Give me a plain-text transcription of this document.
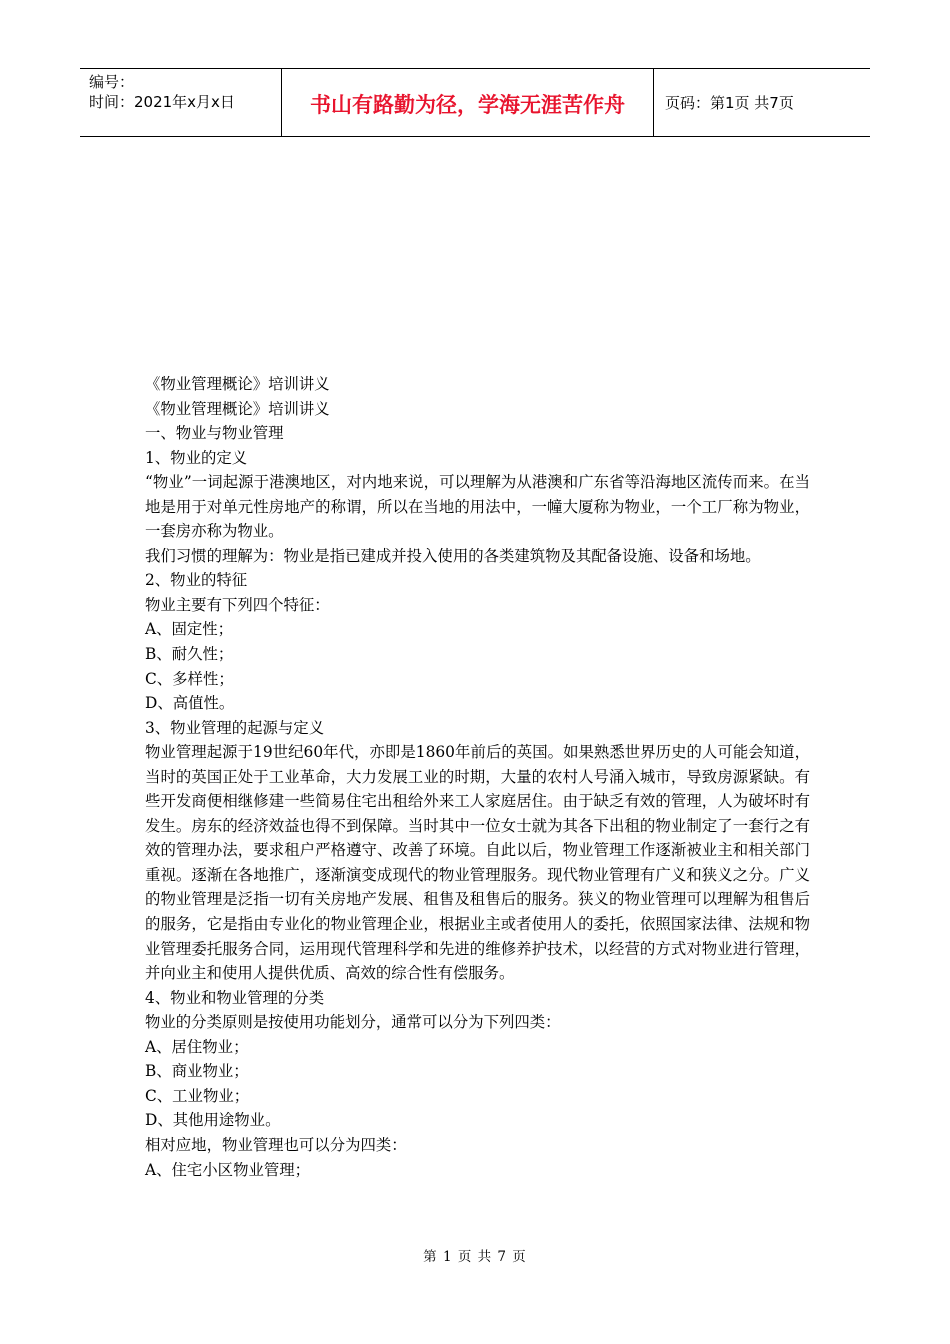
编号：
时间：2021年x月x日	书山有路勤为径，学海无涯苦作舟	页码：第1页 共7页

《物业管理概论》培训讲义

《物业管理概论》培训讲义

一、物业与物业管理

1、物业的定义

“物业”一词起源于港澳地区，对内地来说，可以理解为从港澳和广东省等沿海地区流传而来。在当地是用于对单元性房地产的称谓，所以在当地的用法中，一幢大厦称为物业，一个工厂称为物业，一套房亦称为物业。

我们习惯的理解为：物业是指已建成并投入使用的各类建筑物及其配备设施、设备和场地。

2、物业的特征

物业主要有下列四个特征：

A、固定性；

B、耐久性；

C、多样性；

D、高值性。

3、物业管理的起源与定义

物业管理起源于19世纪60年代，亦即是1860年前后的英国。如果熟悉世界历史的人可能会知道，当时的英国正处于工业革命，大力发展工业的时期，大量的农村人号涌入城市，导致房源紧缺。有些开发商便相继修建一些简易住宅出租给外来工人家庭居住。由于缺乏有效的管理，人为破坏时有发生。房东的经济效益也得不到保障。当时其中一位女士就为其各下出租的物业制定了一套行之有效的管理办法，要求租户严格遵守、改善了环境。自此以后，物业管理工作逐渐被业主和相关部门重视。逐渐在各地推广，逐渐演变成现代的物业管理服务。现代物业管理有广义和狭义之分。广义的物业管理是泛指一切有关房地产发展、租售及租售后的服务。狭义的物业管理可以理解为租售后的服务，它是指由专业化的物业管理企业，根据业主或者使用人的委托，依照国家法律、法规和物业管理委托服务合同，运用现代管理科学和先进的维修养护技术，以经营的方式对物业进行管理，并向业主和使用人提供优质、高效的综合性有偿服务。

4、物业和物业管理的分类

物业的分类原则是按使用功能划分，通常可以分为下列四类：

A、居住物业；

B、商业物业；

C、工业物业；

D、其他用途物业。

相对应地，物业管理也可以分为四类：

A、住宅小区物业管理；

第 1 页 共 7 页
